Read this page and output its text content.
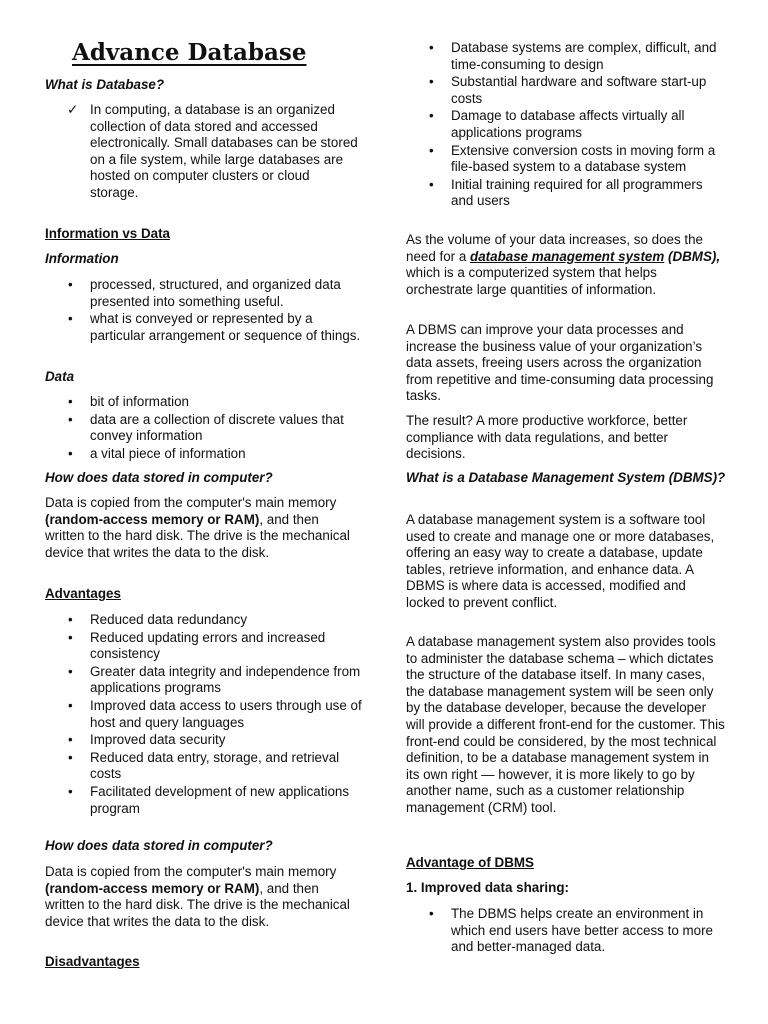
Advance Database

What is Database?

✓ In computing, a database is an organized collection of data stored and accessed electronically. Small databases can be stored on a file system, while large databases are hosted on computer clusters or cloud storage.

Information vs Data

Information

• processed, structured, and organized data presented into something useful.
• what is conveyed or represented by a particular arrangement or sequence of things.

Data

• bit of information
• data are a collection of discrete values that convey information
• a vital piece of information

How does data stored in computer?

Data is copied from the computer's main memory (random-access memory or RAM), and then written to the hard disk. The drive is the mechanical device that writes the data to the disk.

Advantages

• Reduced data redundancy
• Reduced updating errors and increased consistency
• Greater data integrity and independence from applications programs
• Improved data access to users through use of host and query languages
• Improved data security
• Reduced data entry, storage, and retrieval costs
• Facilitated development of new applications program

How does data stored in computer?

Data is copied from the computer's main memory (random-access memory or RAM), and then written to the hard disk. The drive is the mechanical device that writes the data to the disk.

Disadvantages

• Database systems are complex, difficult, and time-consuming to design
• Substantial hardware and software start-up costs
• Damage to database affects virtually all applications programs
• Extensive conversion costs in moving form a file-based system to a database system
• Initial training required for all programmers and users

As the volume of your data increases, so does the need for a database management system (DBMS), which is a computerized system that helps orchestrate large quantities of information.

A DBMS can improve your data processes and increase the business value of your organization’s data assets, freeing users across the organization from repetitive and time-consuming data processing tasks.

The result? A more productive workforce, better compliance with data regulations, and better decisions.

What is a Database Management System (DBMS)?

A database management system is a software tool used to create and manage one or more databases, offering an easy way to create a database, update tables, retrieve information, and enhance data. A DBMS is where data is accessed, modified and locked to prevent conflict.

A database management system also provides tools to administer the database schema – which dictates the structure of the database itself. In many cases, the database management system will be seen only by the database developer, because the developer will provide a different front-end for the customer. This front-end could be considered, by the most technical definition, to be a database management system in its own right — however, it is more likely to go by another name, such as a customer relationship management (CRM) tool.

Advantage of DBMS

1. Improved data sharing:

• The DBMS helps create an environment in which end users have better access to more and better-managed data.
